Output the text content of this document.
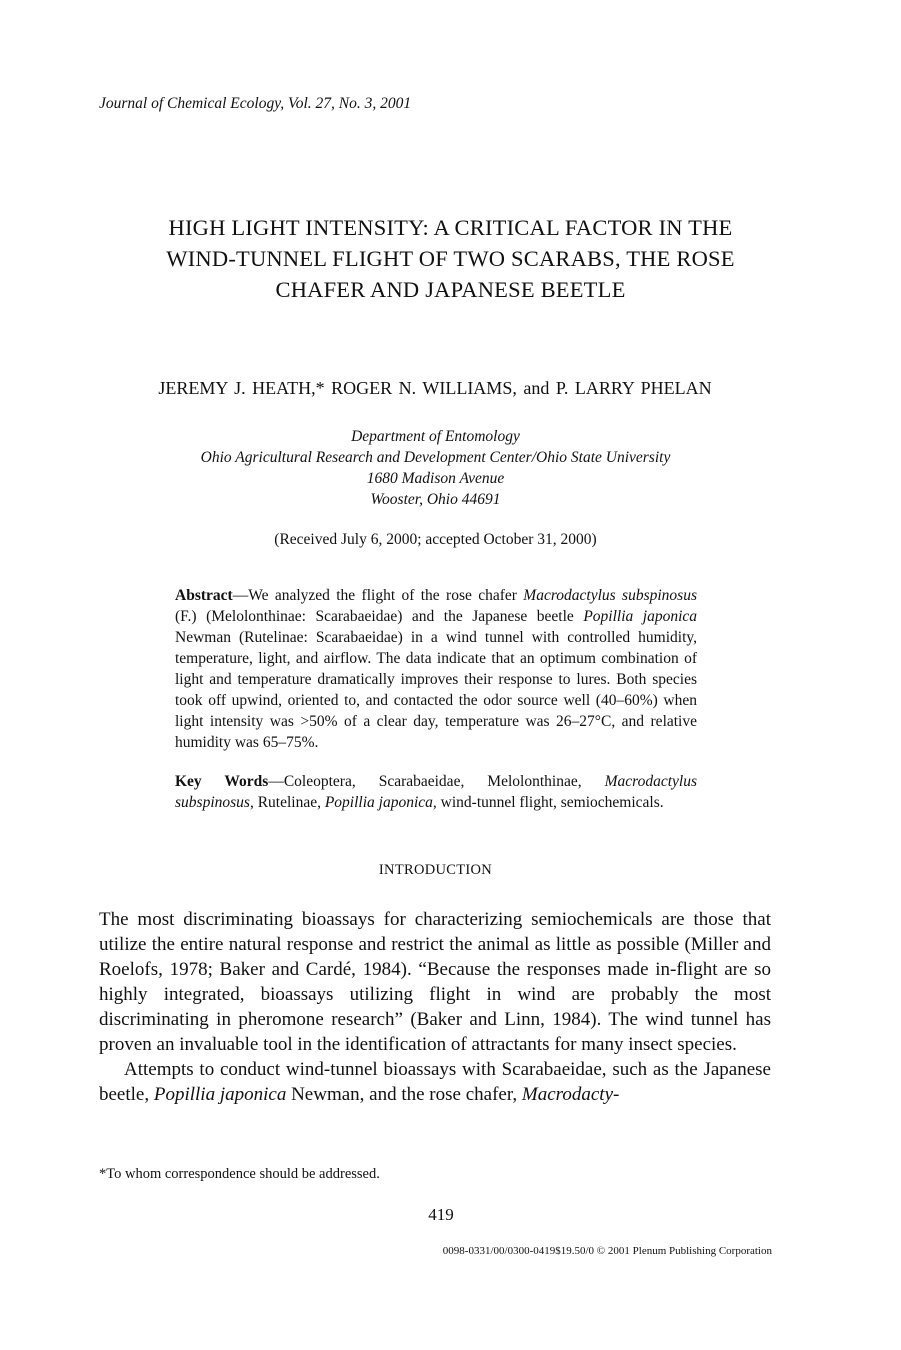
Journal of Chemical Ecology, Vol. 27, No. 3, 2001
HIGH LIGHT INTENSITY: A CRITICAL FACTOR IN THE
WIND-TUNNEL FLIGHT OF TWO SCARABS, THE ROSE
CHAFER AND JAPANESE BEETLE
JEREMY J. HEATH,* ROGER N. WILLIAMS, and P. LARRY PHELAN
Department of Entomology
Ohio Agricultural Research and Development Center/Ohio State University
1680 Madison Avenue
Wooster, Ohio 44691
(Received July 6, 2000; accepted October 31, 2000)
Abstract—We analyzed the flight of the rose chafer Macrodactylus subspinosus (F.) (Melolonthinae: Scarabaeidae) and the Japanese beetle Popillia japonica Newman (Rutelinae: Scarabaeidae) in a wind tunnel with controlled humidity, temperature, light, and airflow. The data indicate that an optimum combination of light and temperature dramatically improves their response to lures. Both species took off upwind, oriented to, and contacted the odor source well (40–60%) when light intensity was >50% of a clear day, temperature was 26–27°C, and relative humidity was 65–75%.
Key Words—Coleoptera, Scarabaeidae, Melolonthinae, Macrodactylus subspinosus, Rutelinae, Popillia japonica, wind-tunnel flight, semiochemicals.
INTRODUCTION

The most discriminating bioassays for characterizing semiochemicals are those that utilize the entire natural response and restrict the animal as little as possible (Miller and Roelofs, 1978; Baker and Cardé, 1984). “Because the responses made in-flight are so highly integrated, bioassays utilizing flight in wind are probably the most discriminating in pheromone research” (Baker and Linn, 1984). The wind tunnel has proven an invaluable tool in the identification of attractants for many insect species.

Attempts to conduct wind-tunnel bioassays with Scarabaeidae, such as the Japanese beetle, Popillia japonica Newman, and the rose chafer, Macrodacty-

*To whom correspondence should be addressed.
419
0098-0331/00/0300-0419$19.50/0 © 2001 Plenum Publishing Corporation
